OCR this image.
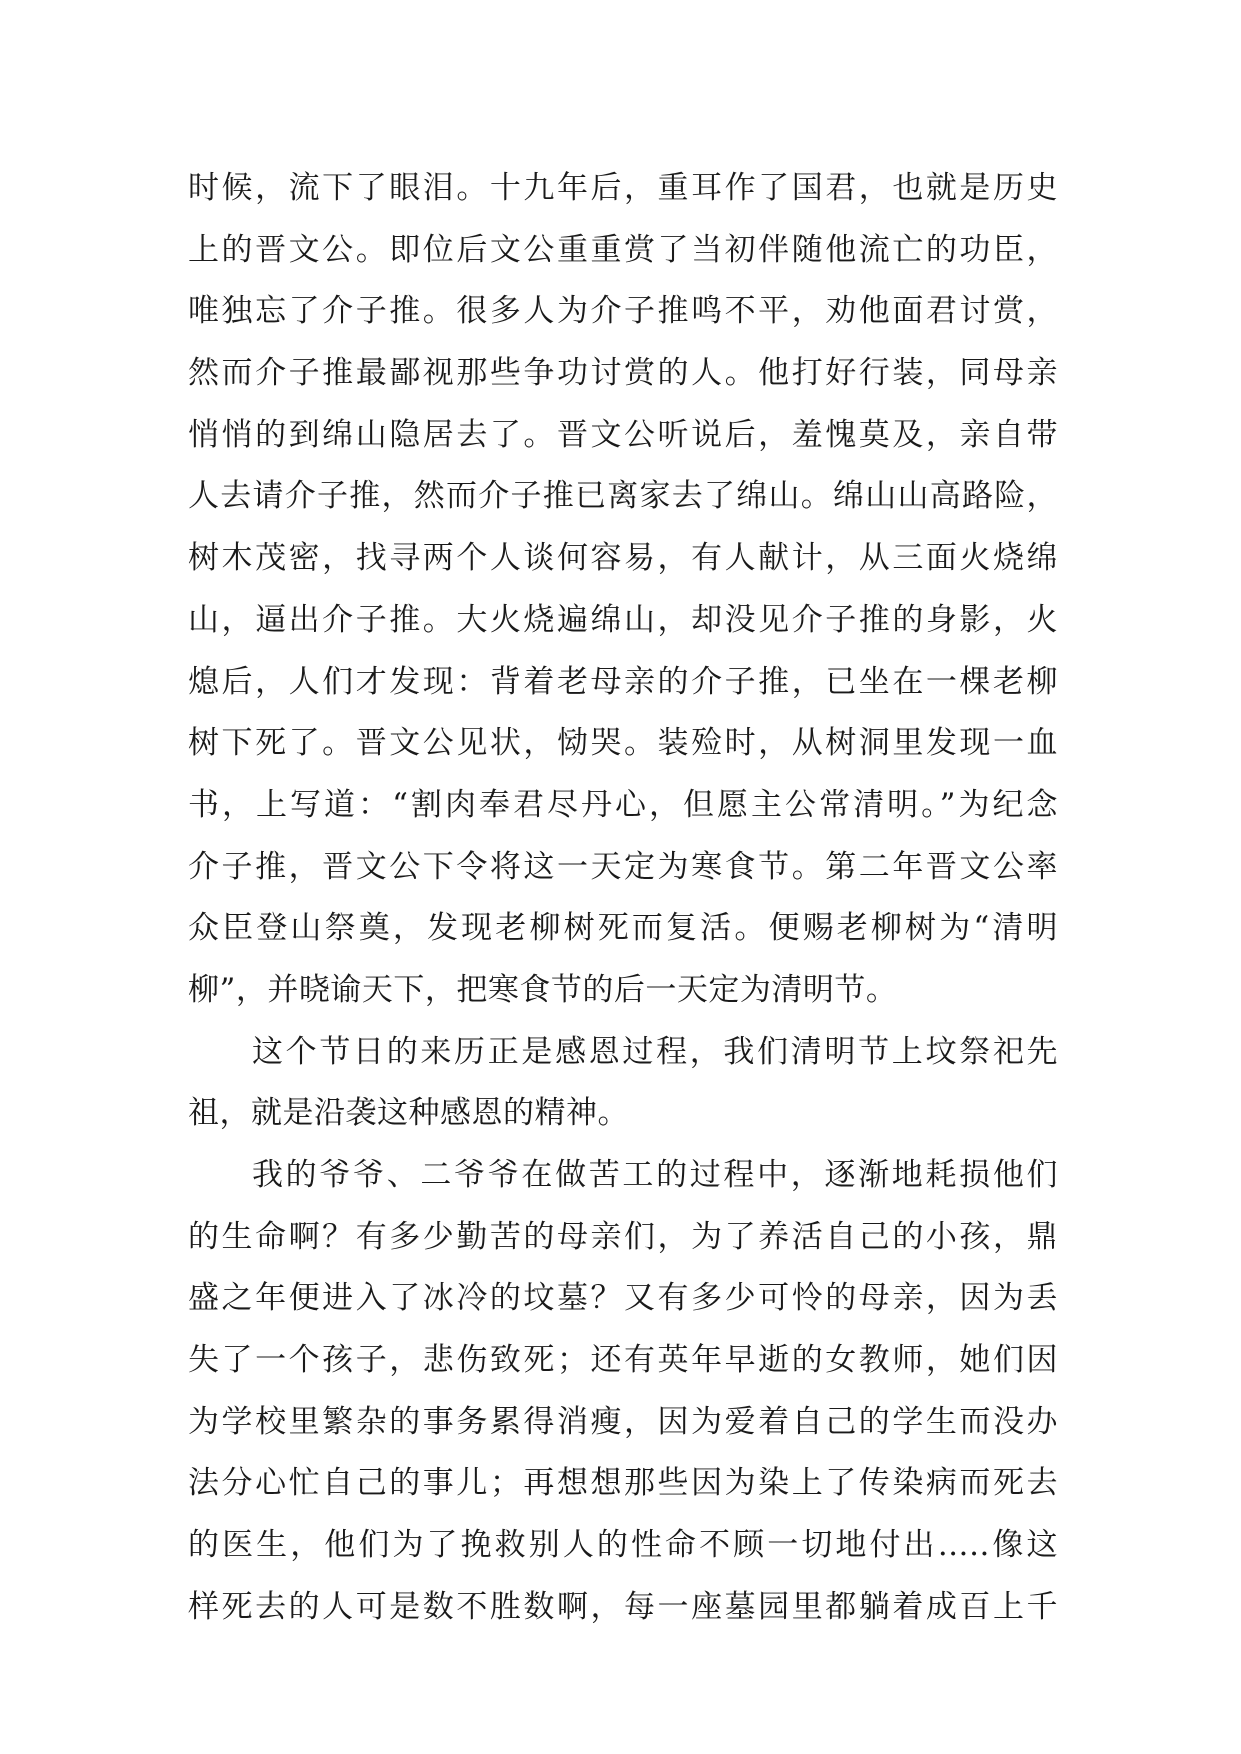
时候，流下了眼泪。十九年后，重耳作了国君，也就是历史
上的晋文公。即位后文公重重赏了当初伴随他流亡的功臣，
唯独忘了介子推。很多人为介子推鸣不平，劝他面君讨赏，
然而介子推最鄙视那些争功讨赏的人。他打好行装，同母亲
悄悄的到绵山隐居去了。晋文公听说后，羞愧莫及，亲自带
人去请介子推，然而介子推已离家去了绵山。绵山山高路险，
树木茂密，找寻两个人谈何容易，有人献计，从三面火烧绵
山，逼出介子推。大火烧遍绵山，却没见介子推的身影，火
熄后，人们才发现：背着老母亲的介子推，已坐在一棵老柳
树下死了。晋文公见状，恸哭。装殓时，从树洞里发现一血
书，上写道：“割肉奉君尽丹心，但愿主公常清明。”为纪念
介子推，晋文公下令将这一天定为寒食节。第二年晋文公率
众臣登山祭奠，发现老柳树死而复活。便赐老柳树为“清明
柳”，并晓谕天下，把寒食节的后一天定为清明节。
这个节日的来历正是感恩过程，我们清明节上坟祭祀先
祖，就是沿袭这种感恩的精神。
我的爷爷、二爷爷在做苦工的过程中，逐渐地耗损他们
的生命啊？有多少勤苦的母亲们，为了养活自己的小孩，鼎
盛之年便进入了冰冷的坟墓？又有多少可怜的母亲，因为丢
失了一个孩子，悲伤致死；还有英年早逝的女教师，她们因
为学校里繁杂的事务累得消瘦，因为爱着自己的学生而没办
法分心忙自己的事儿；再想想那些因为染上了传染病而死去
的医生，他们为了挽救别人的性命不顾一切地付出…..像这
样死去的人可是数不胜数啊，每一座墓园里都躺着成百上千
